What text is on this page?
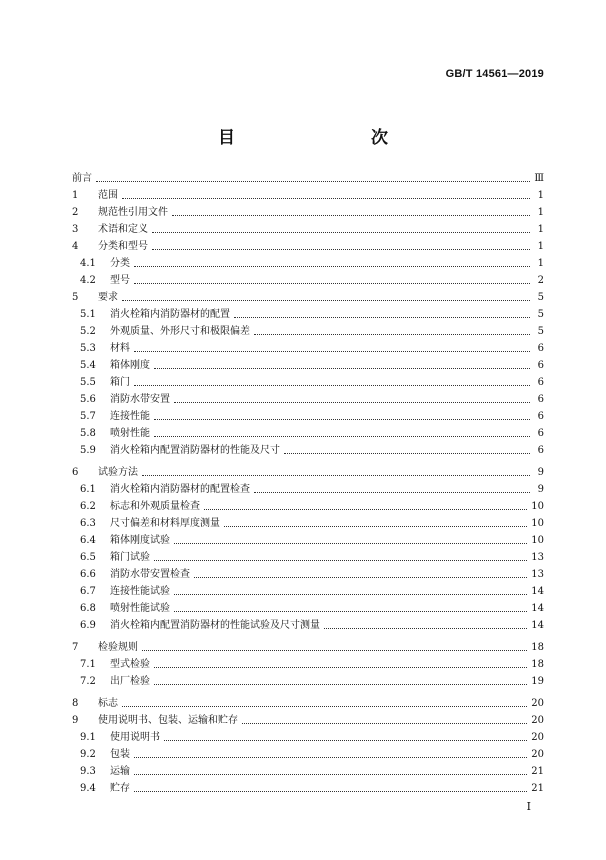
GB/T 14561—2019
目　　次
前言	Ⅲ
1	范围	1
2	规范性引用文件	1
3	术语和定义	1
4	分类和型号	1
4.1	分类	1
4.2	型号	2
5	要求	5
5.1	消火栓箱内消防器材的配置	5
5.2	外观质量、外形尺寸和极限偏差	5
5.3	材料	6
5.4	箱体刚度	6
5.5	箱门	6
5.6	消防水带安置	6
5.7	连接性能	6
5.8	喷射性能	6
5.9	消火栓箱内配置消防器材的性能及尺寸	6
6	试验方法	9
6.1	消火栓箱内消防器材的配置检查	9
6.2	标志和外观质量检查	10
6.3	尺寸偏差和材料厚度测量	10
6.4	箱体刚度试验	10
6.5	箱门试验	13
6.6	消防水带安置检查	13
6.7	连接性能试验	14
6.8	喷射性能试验	14
6.9	消火栓箱内配置消防器材的性能试验及尺寸测量	14
7	检验规则	18
7.1	型式检验	18
7.2	出厂检验	19
8	标志	20
9	使用说明书、包装、运输和贮存	20
9.1	使用说明书	20
9.2	包装	20
9.3	运输	21
9.4	贮存	21
I
